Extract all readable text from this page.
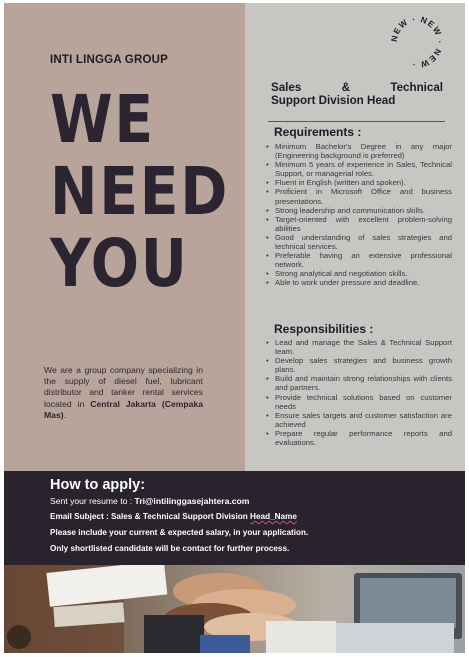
INTI LINGGA GROUP
WE
NEED
YOU
We are a group company specializing in the supply of diesel fuel, lubricant distributor and tanker rental services located in Central Jakarta (Cempaka Mas).
NEW · NEW · NEW ·
Sales	&	Technical
Support Division Head
Requirements :
• Minimum Bachelor's Degree in any major (Engineering background is preferred)
• Minimum 5 years of experience in Sales, Technical Support, or managerial roles.
• Fluent in English (written and spoken).
• Proficient in Microsoft Office and business presentations.
• Strong leadership and communication skills.
• Target-oriented with excellent problem-solving abilities
• Good understanding of sales strategies and technical services.
• Preferable having an extensive professional network.
• Strong analytical and negotiation skills.
• Able to work under pressure and deadline.
Responsibilities :
• Lead and manage the Sales & Technical Support team.
• Develop sales strategies and business growth plans.
• Build and maintain strong relationships with clients and partners.
• Provide technical solutions based on customer needs
• Ensure sales targets and customer satisfaction are achieved
• Prepare regular performance reports and evaluations.
How to apply:
Sent your resume to : Tri@intilinggasejahtera.com
Email Subject : Sales & Technical Support Division Head_Name
Please include your current & expected salary, in your application.
Only shortlisted candidate will be contact for further process.
